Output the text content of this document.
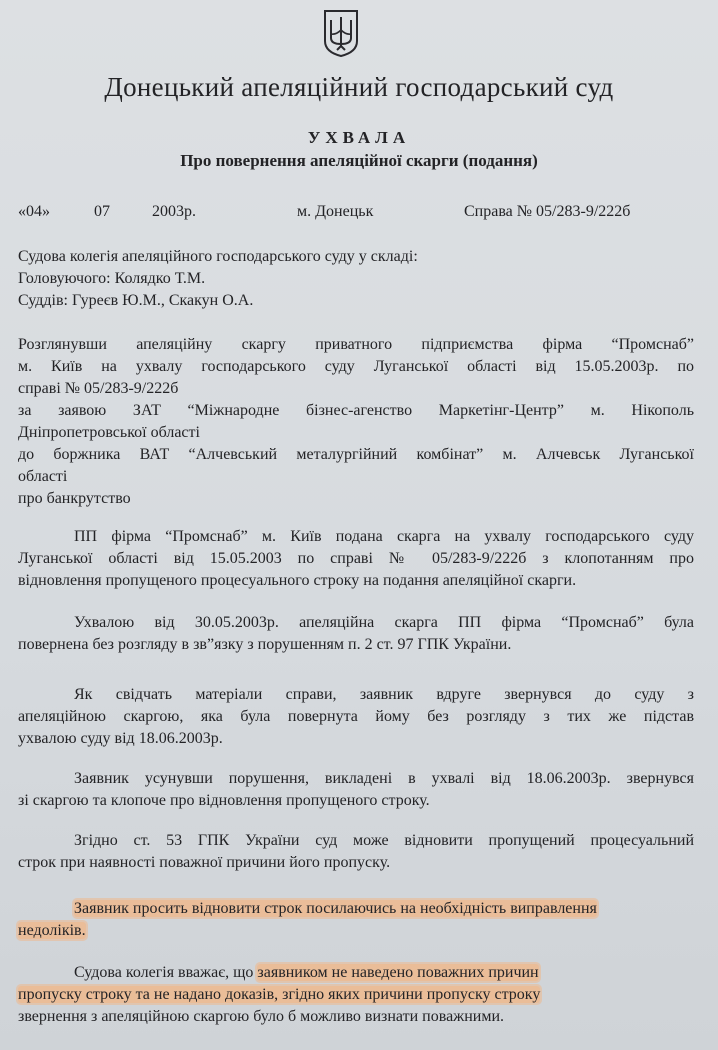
Донецький апеляційний господарський суд
УХВАЛА
Про повернення апеляційної скарги (подання)
«04»	07	2003р.	м. Донецьк	Справа № 05/283-9/222б
Судова колегія апеляційного господарського суду у складі:
Головуючого: Колядко Т.М.
Суддів: Гуреєв Ю.М., Скакун О.А.
Розглянувши апеляційну скаргу приватного підприємства фірма “Промснаб”
м. Київ на ухвалу господарського суду Луганської області від 15.05.2003р. по
справі № 05/283-9/222б
за заявою ЗАТ “Міжнародне бізнес-агенство Маркетінг-Центр” м. Нікополь
Дніпропетровської області
до боржника ВАТ “Алчевський металургійний комбінат” м. Алчевськ Луганської
області
про банкрутство
ПП фірма “Промснаб” м. Київ подана скарга на ухвалу господарського суду
Луганської області від 15.05.2003 по справі № 05/283-9/222б з клопотанням про
відновлення пропущеного процесуального строку на подання апеляційної скарги.
Ухвалою від 30.05.2003р. апеляційна скарга ПП фірма “Промснаб” була
повернена без розгляду в зв”язку з порушенням п. 2 ст. 97 ГПК України.
Як свідчать матеріали справи, заявник вдруге звернувся до суду з
апеляційною скаргою, яка була повернута йому без розгляду з тих же підстав
ухвалою суду від 18.06.2003р.
Заявник усунувши порушення, викладені в ухвалі від 18.06.2003р. звернувся
зі скаргою та клопоче про відновлення пропущеного строку.
Згідно ст. 53 ГПК України суд може відновити пропущений процесуальний
строк при наявності поважної причини його пропуску.
Заявник просить відновити строк посилаючись на необхідність виправлення
недоліків.
Судова колегія вважає, що заявником не наведено поважних причин
пропуску строку та не надано доказів, згідно яких причини пропуску строку
звернення з апеляційною скаргою було б можливо визнати поважними.
